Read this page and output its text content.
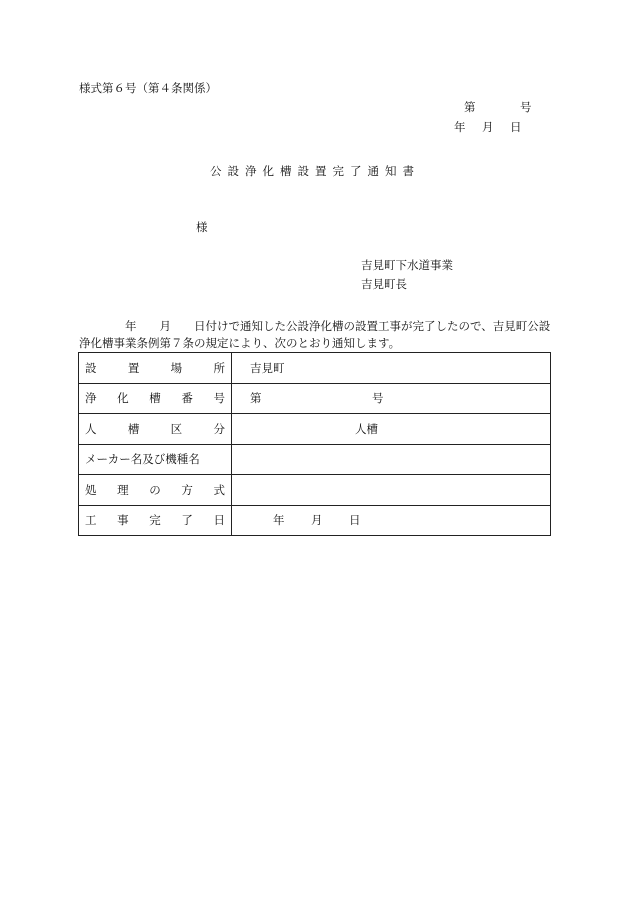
様式第６号（第４条関係）
第	号
年 月 日
公設浄化槽設置完了通知書
様
吉見町下水道事業
吉見町長
年 月 日付けで通知した公設浄化槽の設置工事が完了したので、吉見町公設浄化槽事業条例第７条の規定により、次のとおり通知します。
設 置 場 所	吉見町

浄 化 槽 番 号	第 号

人 槽 区 分	人槽

メーカー名及び機種名	

処 理 の 方 式	

工 事 完 了 日	年 月 日
